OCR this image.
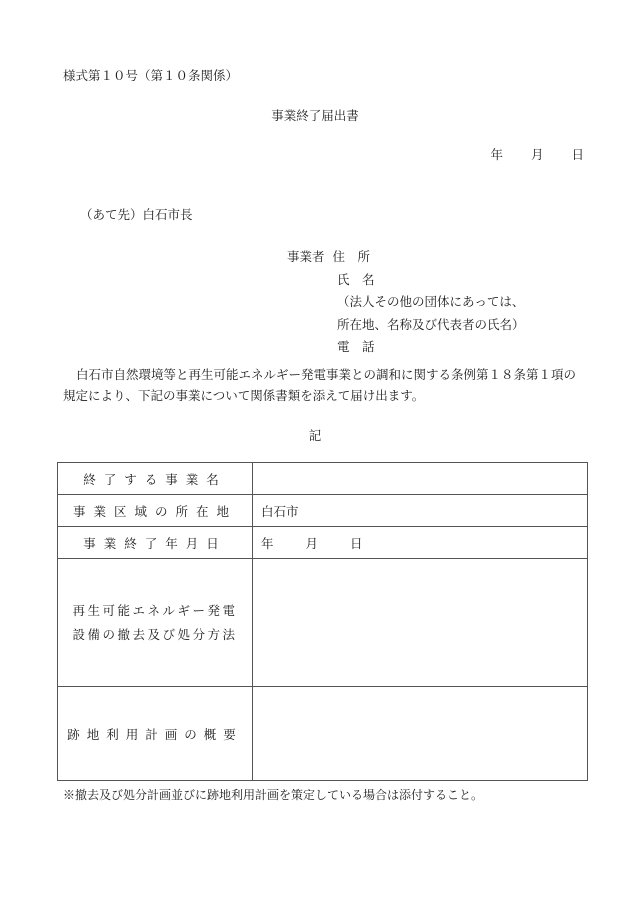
様式第１０号（第１０条関係）
事業終了届出書
年 月 日
（あて先）白石市長
事業者 住　所
氏　名
（法人その他の団体にあっては、
所在地、名称及び代表者の氏名）
電　話

白石市自然環境等と再生可能エネルギー発電事業との調和に関する条例第１８条第１項の規定により、下記の事業について関係書類を添えて届け出ます。

記
終了する事業名	
事業区域の所在地	白石市
事業終了年月日	年 月 日

再生可能エネルギー発電
設備の撤去及び処分方法	

跡地利用計画の概要	
※撤去及び処分計画並びに跡地利用計画を策定している場合は添付すること。
